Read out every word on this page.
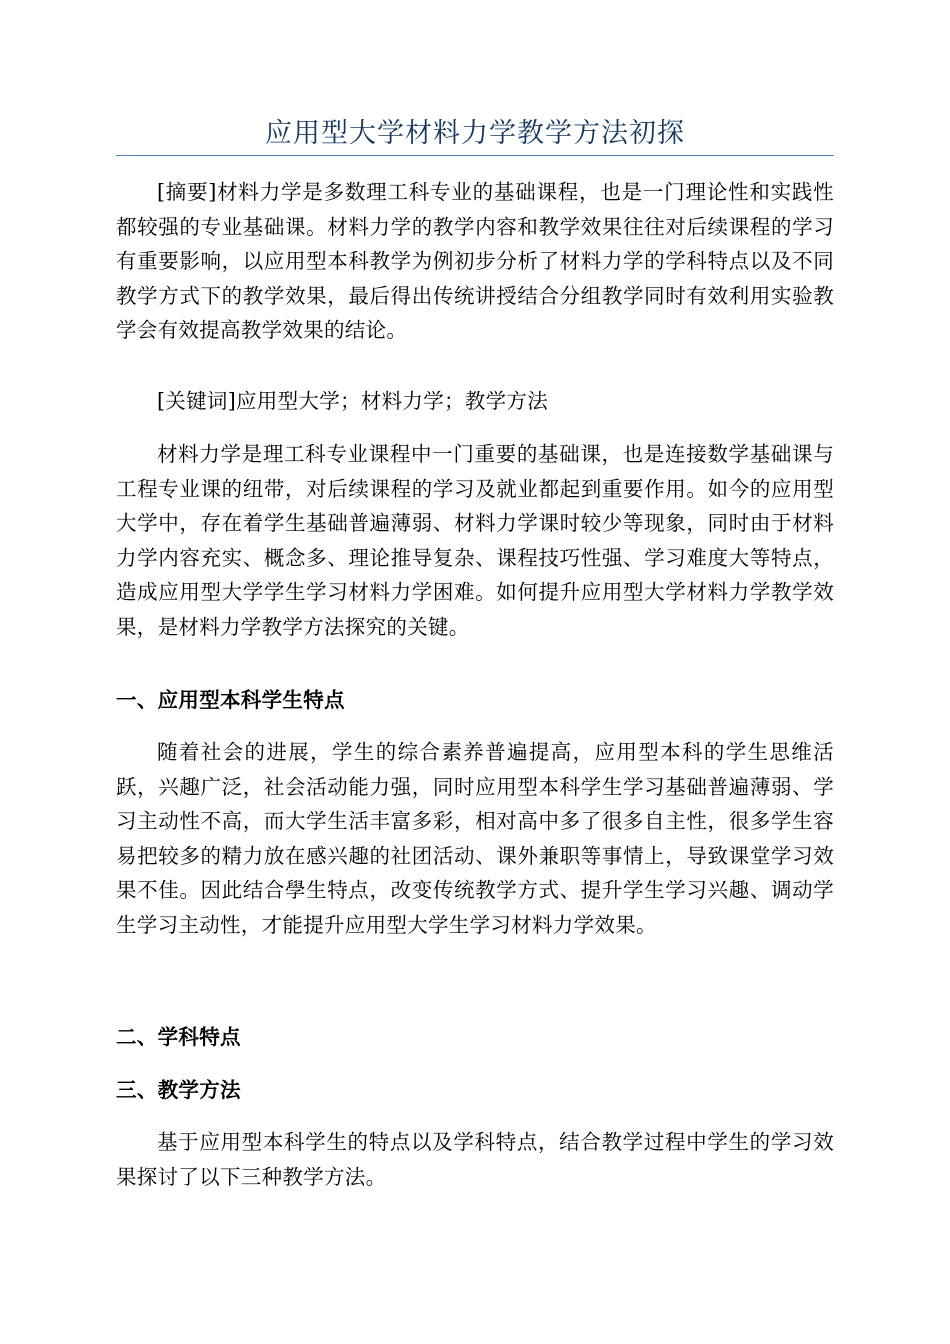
应用型大学材料力学教学方法初探

[摘要]材料力学是多数理工科专业的基础课程，也是一门理论性和实践性都较强的专业基础课。材料力学的教学内容和教学效果往往对后续课程的学习有重要影响，以应用型本科教学为例初步分析了材料力学的学科特点以及不同教学方式下的教学效果，最后得出传统讲授结合分组教学同时有效利用实验教学会有效提高教学效果的结论。

[关键词]应用型大学；材料力学；教学方法

材料力学是理工科专业课程中一门重要的基础课，也是连接数学基础课与工程专业课的纽带，对后续课程的学习及就业都起到重要作用。如今的应用型大学中，存在着学生基础普遍薄弱、材料力学课时较少等现象，同时由于材料力学内容充实、概念多、理论推导复杂、课程技巧性强、学习难度大等特点，造成应用型大学学生学习材料力学困难。如何提升应用型大学材料力学教学效果，是材料力学教学方法探究的关键。

一、应用型本科学生特点

随着社会的进展，学生的综合素养普遍提高，应用型本科的学生思维活跃，兴趣广泛，社会活动能力强，同时应用型本科学生学习基础普遍薄弱、学习主动性不高，而大学生活丰富多彩，相对高中多了很多自主性，很多学生容易把较多的精力放在感兴趣的社团活动、课外兼职等事情上，导致课堂学习效果不佳。因此结合學生特点，改变传统教学方式、提升学生学习兴趣、调动学生学习主动性，才能提升应用型大学生学习材料力学效果。

二、学科特点
三、教学方法

基于应用型本科学生的特点以及学科特点，结合教学过程中学生的学习效果探讨了以下三种教学方法。
